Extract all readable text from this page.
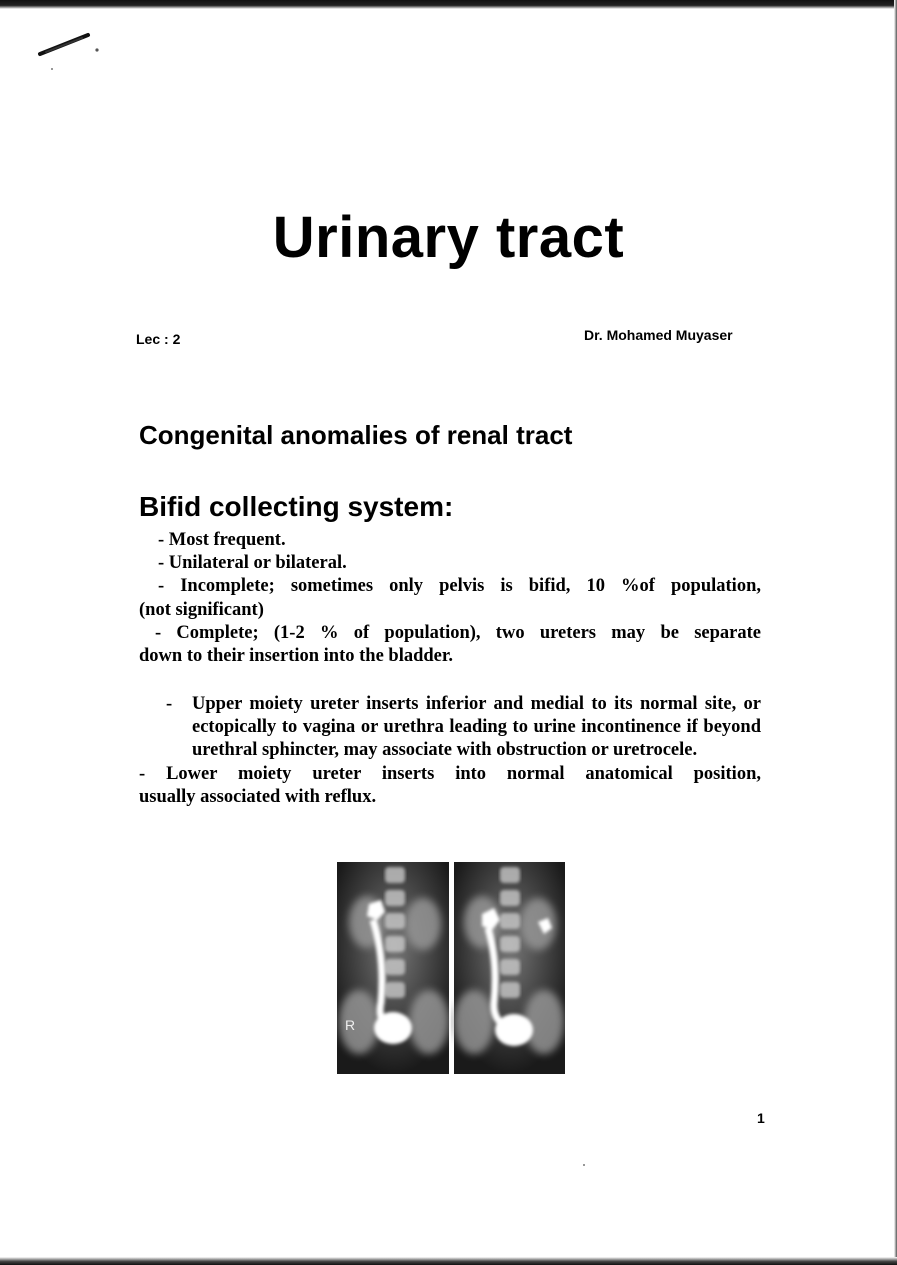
Urinary tract
Lec : 2	Dr. Mohamed Muyaser
Congenital anomalies of renal tract
Bifid collecting system:
- Most frequent.
- Unilateral or bilateral.
- Incomplete; sometimes only pelvis is bifid, 10 %of population,
(not significant)
- Complete; (1-2 % of population), two ureters may be separate
down to their insertion into the bladder.
- Upper moiety ureter inserts inferior and medial to its normal site, or ectopically to vagina or urethra leading to urine incontinence if beyond urethral sphincter, may associate with obstruction or uretrocele.
- Lower moiety ureter inserts into normal anatomical position,
usually associated with reflux.
R
1
